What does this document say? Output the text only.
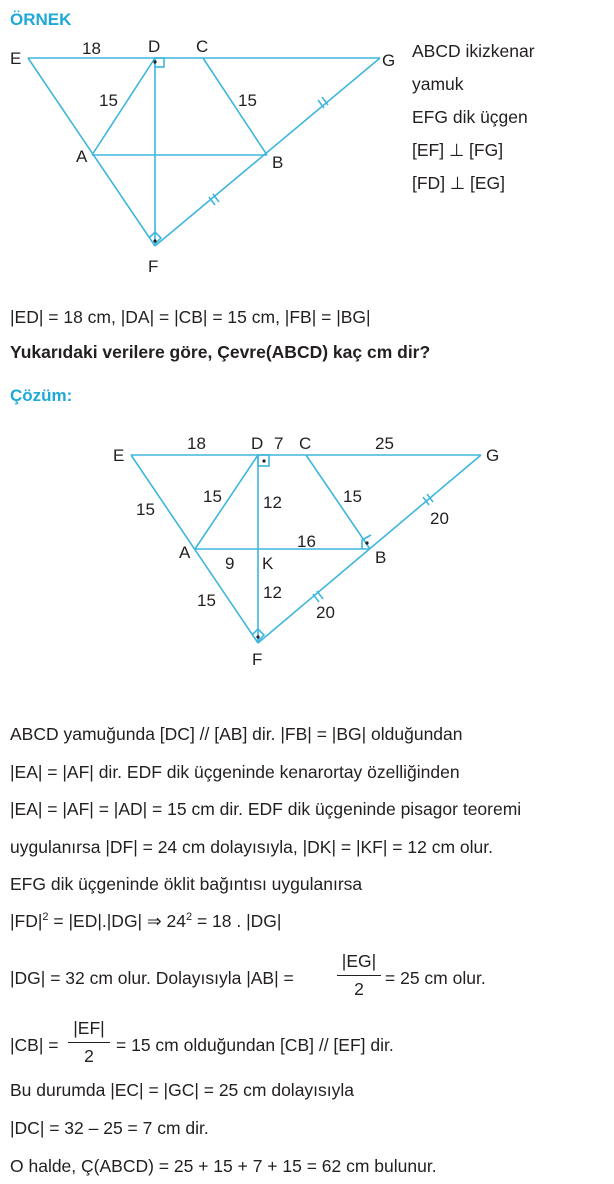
ÖRNEK
E
D C
G
A	B
F
18
15	15
E
D C
G
A
K	B
F
18	7	25
15
15 12	15
20
9
16
15	12
20
ABCD ikizkenar
yamuk
EFG dik üçgen
[EF] ⊥ [FG]
[FD] ⊥ [EG]
|ED| = 18 cm, |DA| = |CB| = 15 cm, |FB| = |BG|
Yukarıdaki verilere göre, Çevre(ABCD) kaç cm dir?
Çözüm:
ABCD yamuğunda [DC] // [AB] dir. |FB| = |BG| olduğundan
|EA| = |AF| dir. EDF dik üçgeninde kenarortay özelliğinden
|EA| = |AF| = |AD| = 15 cm dir. EDF dik üçgeninde pisagor teoremi
uygulanırsa |DF| = 24 cm dolayısıyla, |DK| = |KF| = 12 cm olur.
EFG dik üçgeninde öklit bağıntısı uygulanırsa
$|FD|^2 = |ED|.|DG|$ ⇒ $24^2 = 18$ . |DG|
|DG| = 32 cm olur. Dolayısıyla |AB| =
|EG|
2
= 25 cm olur.
|CB| =
|EF|
2
= 15 cm olduğundan [CB] // [EF] dir.
Bu durumda |EC| = |GC| = 25 cm dolayısıyla
|DC| = 32 – 25 = 7 cm dir.
O halde, Ç(ABCD) = 25 + 15 + 7 + 15 = 62 cm bulunur.
